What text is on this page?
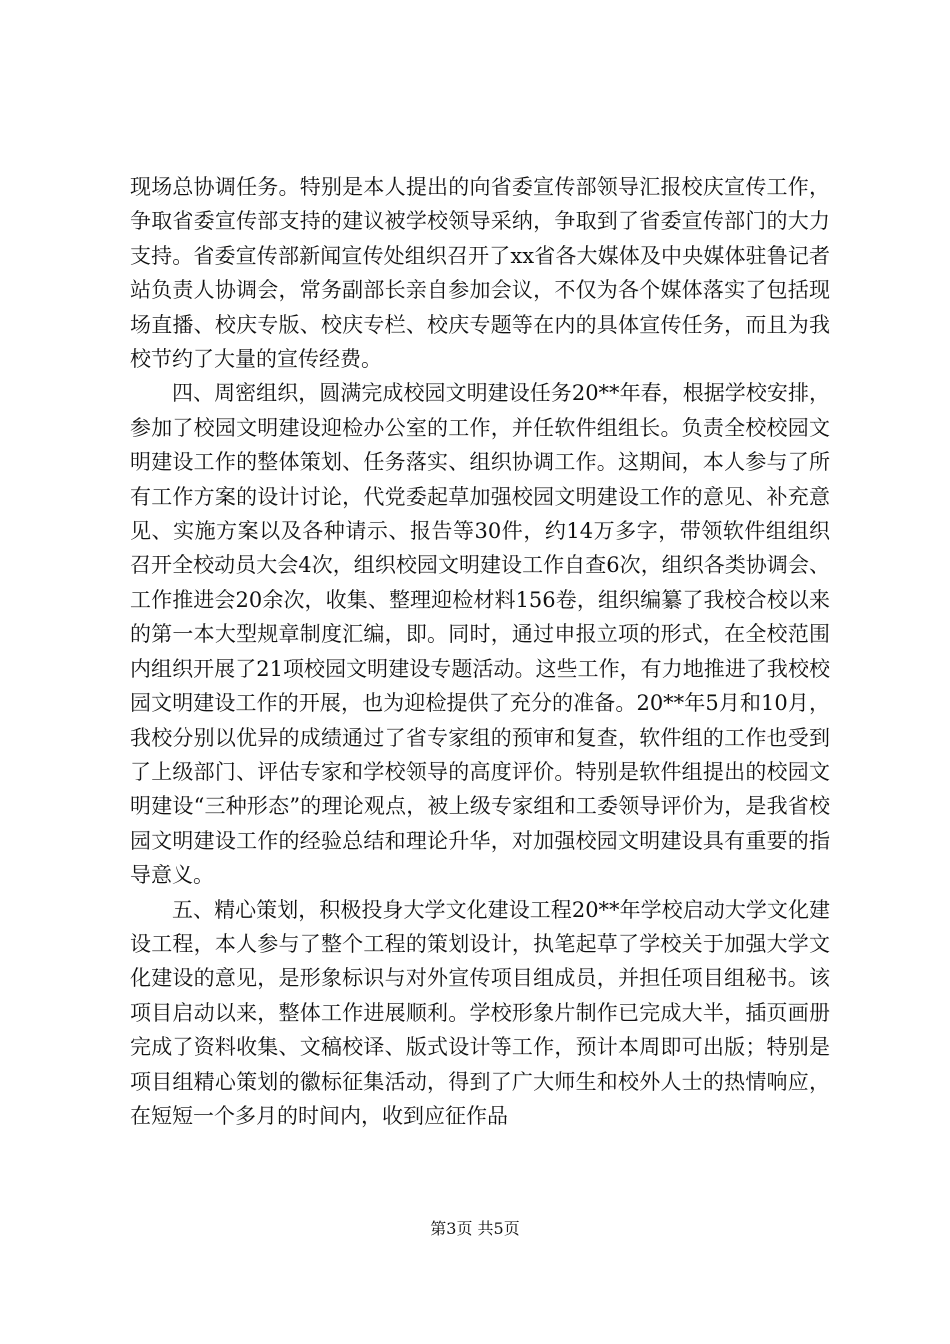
现场总协调任务。特别是本人提出的向省委宣传部领导汇报校庆宣传工作，争取省委宣传部支持的建议被学校领导采纳，争取到了省委宣传部门的大力支持。省委宣传部新闻宣传处组织召开了xx省各大媒体及中央媒体驻鲁记者站负责人协调会，常务副部长亲自参加会议，不仅为各个媒体落实了包括现场直播、校庆专版、校庆专栏、校庆专题等在内的具体宣传任务，而且为我校节约了大量的宣传经费。

四、周密组织，圆满完成校园文明建设任务20**年春，根据学校安排，参加了校园文明建设迎检办公室的工作，并任软件组组长。负责全校校园文明建设工作的整体策划、任务落实、组织协调工作。这期间，本人参与了所有工作方案的设计讨论，代党委起草加强校园文明建设工作的意见、补充意见、实施方案以及各种请示、报告等30件，约14万多字，带领软件组组织召开全校动员大会4次，组织校园文明建设工作自查6次，组织各类协调会、工作推进会20余次，收集、整理迎检材料156卷，组织编纂了我校合校以来的第一本大型规章制度汇编，即。同时，通过申报立项的形式，在全校范围内组织开展了21项校园文明建设专题活动。这些工作，有力地推进了我校校园文明建设工作的开展，也为迎检提供了充分的准备。20**年5月和10月，我校分别以优异的成绩通过了省专家组的预审和复查，软件组的工作也受到了上级部门、评估专家和学校领导的高度评价。特别是软件组提出的校园文明建设“三种形态”的理论观点，被上级专家组和工委领导评价为，是我省校园文明建设工作的经验总结和理论升华，对加强校园文明建设具有重要的指导意义。

五、精心策划，积极投身大学文化建设工程20**年学校启动大学文化建设工程，本人参与了整个工程的策划设计，执笔起草了学校关于加强大学文化建设的意见，是形象标识与对外宣传项目组成员，并担任项目组秘书。该项目启动以来，整体工作进展顺利。学校形象片制作已完成大半，插页画册完成了资料收集、文稿校译、版式设计等工作，预计本周即可出版；特别是项目组精心策划的徽标征集活动，得到了广大师生和校外人士的热情响应，在短短一个多月的时间内，收到应征作品

第3页 共5页
